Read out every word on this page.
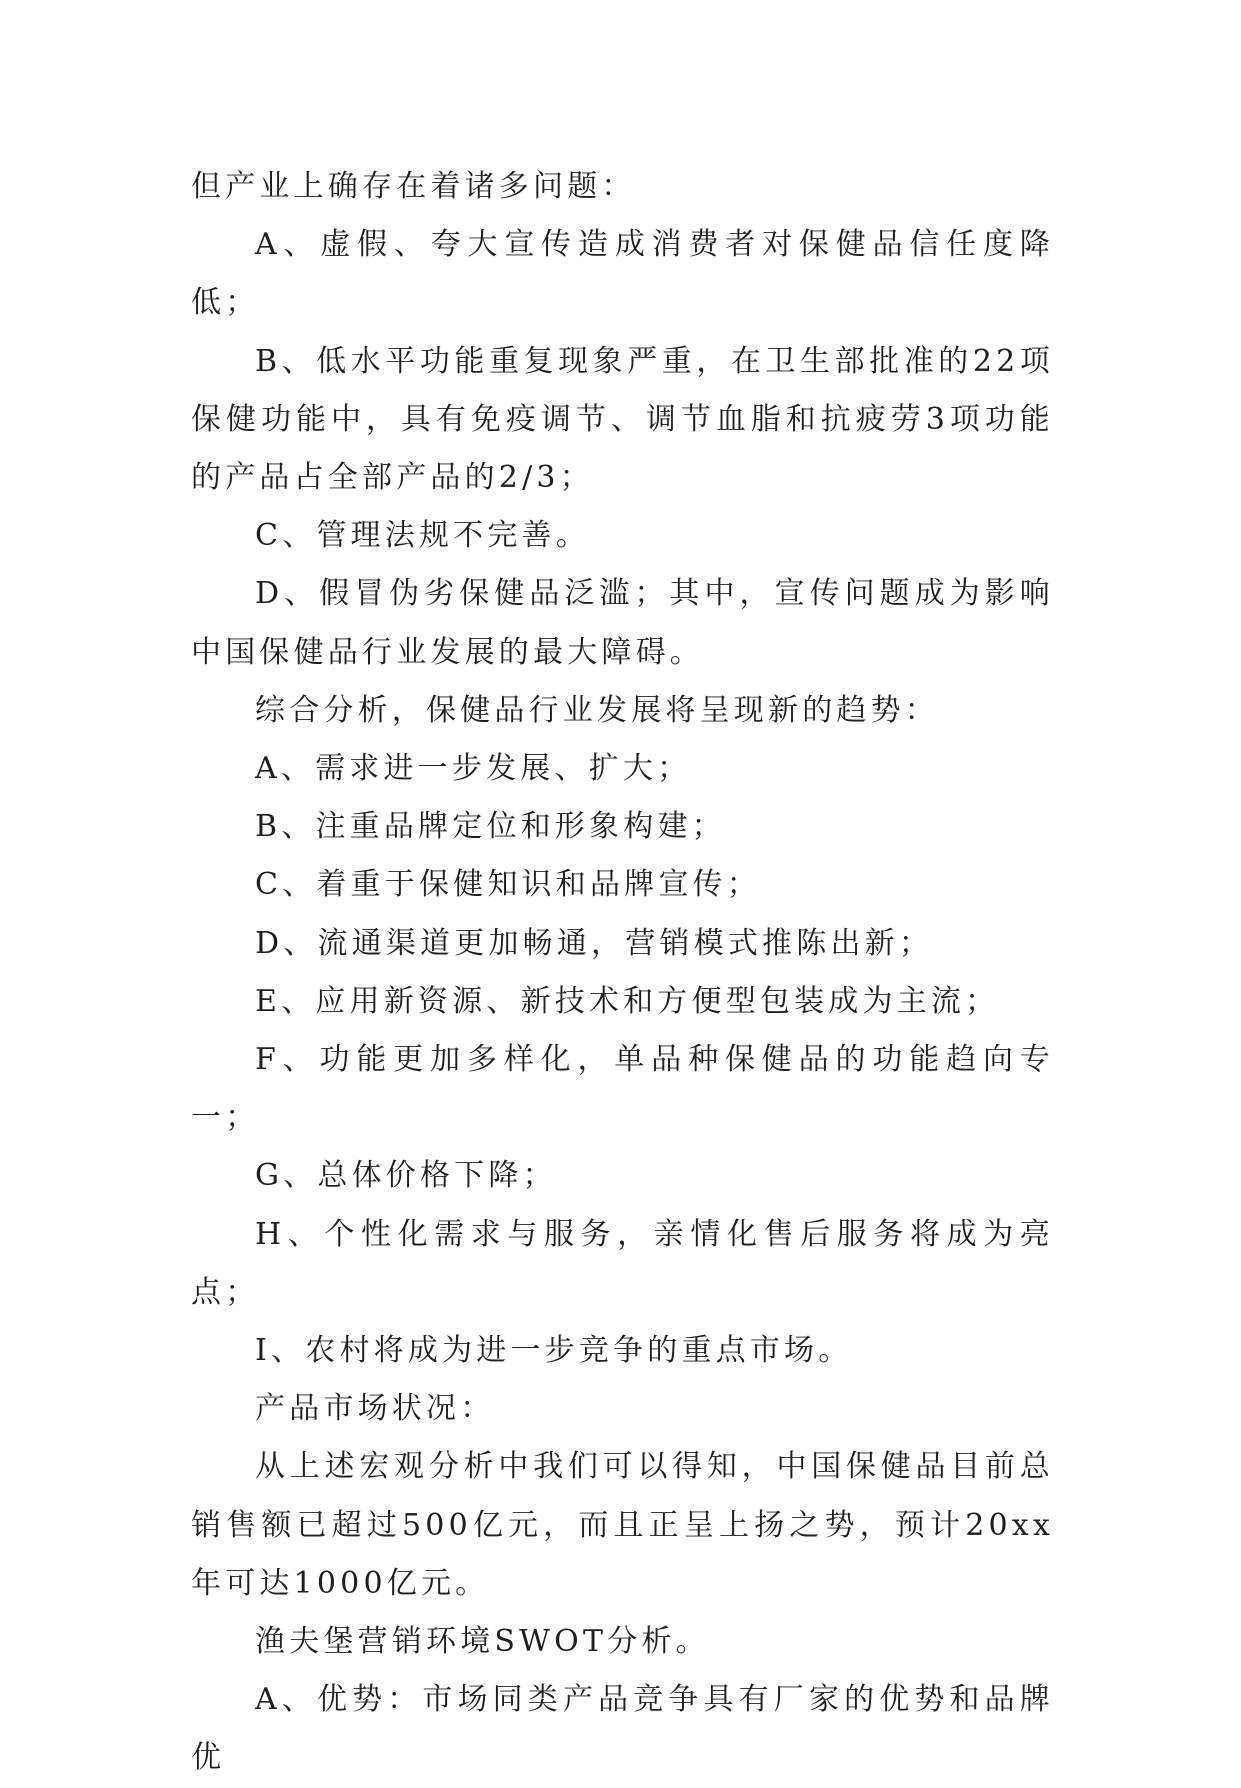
但产业上确存在着诸多问题：

A、虚假、夸大宣传造成消费者对保健品信任度降低；

B、低水平功能重复现象严重，在卫生部批准的22项保健功能中，具有免疫调节、调节血脂和抗疲劳3项功能的产品占全部产品的2/3；

C、管理法规不完善。

D、假冒伪劣保健品泛滥；其中，宣传问题成为影响中国保健品行业发展的最大障碍。

综合分析，保健品行业发展将呈现新的趋势：

A、需求进一步发展、扩大；

B、注重品牌定位和形象构建；

C、着重于保健知识和品牌宣传；

D、流通渠道更加畅通，营销模式推陈出新；

E、应用新资源、新技术和方便型包装成为主流；

F、功能更加多样化，单品种保健品的功能趋向专一；

G、总体价格下降；

H、个性化需求与服务，亲情化售后服务将成为亮点；

I、农村将成为进一步竞争的重点市场。

产品市场状况：

从上述宏观分析中我们可以得知，中国保健品目前总销售额已超过500亿元，而且正呈上扬之势，预计20xx年可达1000亿元。

渔夫堡营销环境SWOT分析。

A、优势：市场同类产品竞争具有厂家的优势和品牌优
